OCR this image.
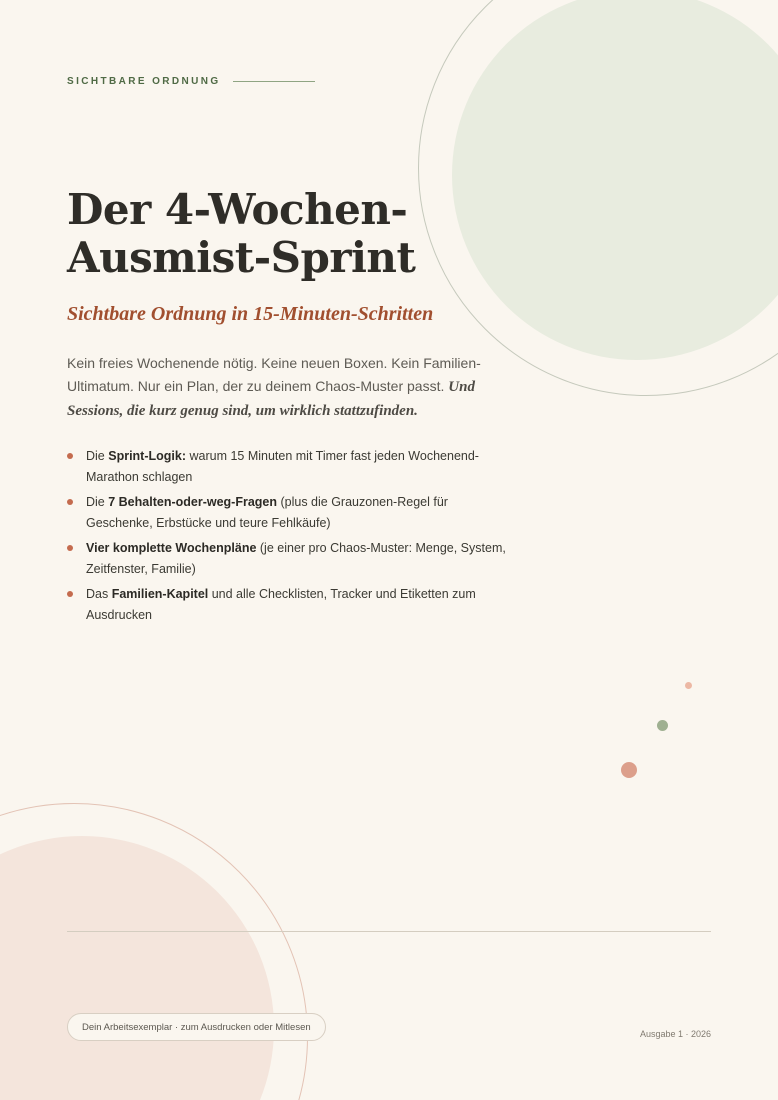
SICHTBARE ORDNUNG
Der 4-Wochen-Ausmist-Sprint

Sichtbare Ordnung in 15-Minuten-Schritten

Kein freies Wochenende nötig. Keine neuen Boxen. Kein Familien-Ultimatum. Nur ein Plan, der zu deinem Chaos-Muster passt. Und Sessions, die kurz genug sind, um wirklich stattzufinden.

Die Sprint-Logik: warum 15 Minuten mit Timer fast jeden Wochenend-Marathon schlagen
Die 7 Behalten-oder-weg-Fragen (plus die Grauzonen-Regel für Geschenke, Erbstücke und teure Fehlkäufe)
Vier komplette Wochenpläne (je einer pro Chaos-Muster: Menge, System, Zeitfenster, Familie)
Das Familien-Kapitel und alle Checklisten, Tracker und Etiketten zum Ausdrucken
Dein Arbeitsexemplar · zum Ausdrucken oder Mitlesen
Ausgabe 1 · 2026
